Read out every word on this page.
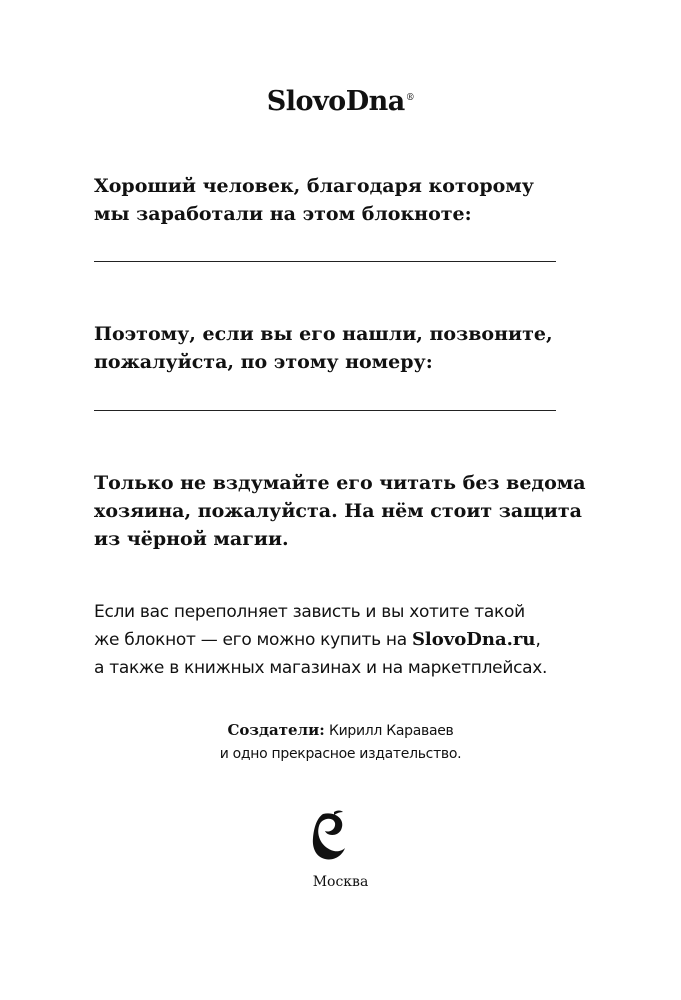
SlovoDna®
Хороший человек, благодаря которому
мы заработали на этом блокноте:
Поэтому, если вы его нашли, позвоните,
пожалуйста, по этому номеру:
Только не вздумайте его читать без ведома
хозяина, пожалуйста. На нём стоит защита
из чёрной магии.
Если вас переполняет зависть и вы хотите такой
же блокнот — его можно купить на SlovoDna.ru,
а также в книжных магазинах и на маркетплейсах.
Создатели: Кирилл Караваев
и одно прекрасное издательство.
Москва
